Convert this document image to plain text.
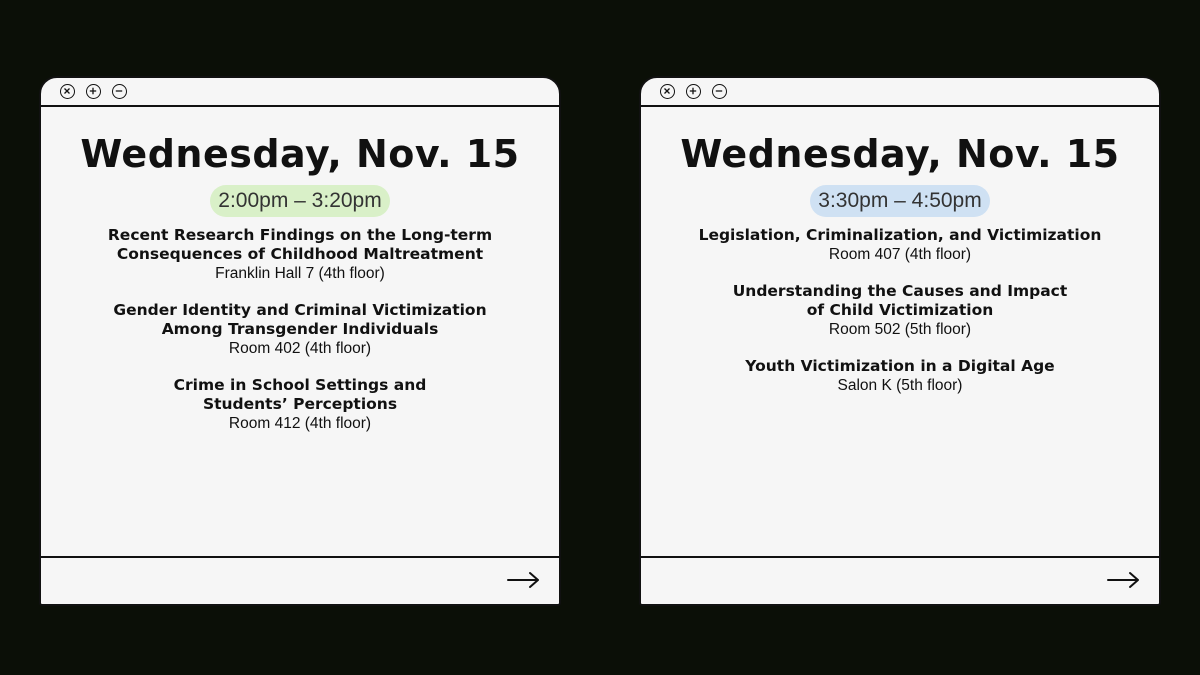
Wednesday, Nov. 15
2:00pm – 3:20pm
Recent Research Findings on the Long-term
Consequences of Childhood Maltreatment
Franklin Hall 7 (4th floor)
Gender Identity and Criminal Victimization
Among Transgender Individuals
Room 402 (4th floor)
Crime in School Settings and
Students’ Perceptions
Room 412 (4th floor)
Wednesday, Nov. 15
3:30pm – 4:50pm
Legislation, Criminalization, and Victimization
Room 407 (4th floor)
Understanding the Causes and Impact
of Child Victimization
Room 502 (5th floor)
Youth Victimization in a Digital Age
Salon K (5th floor)
